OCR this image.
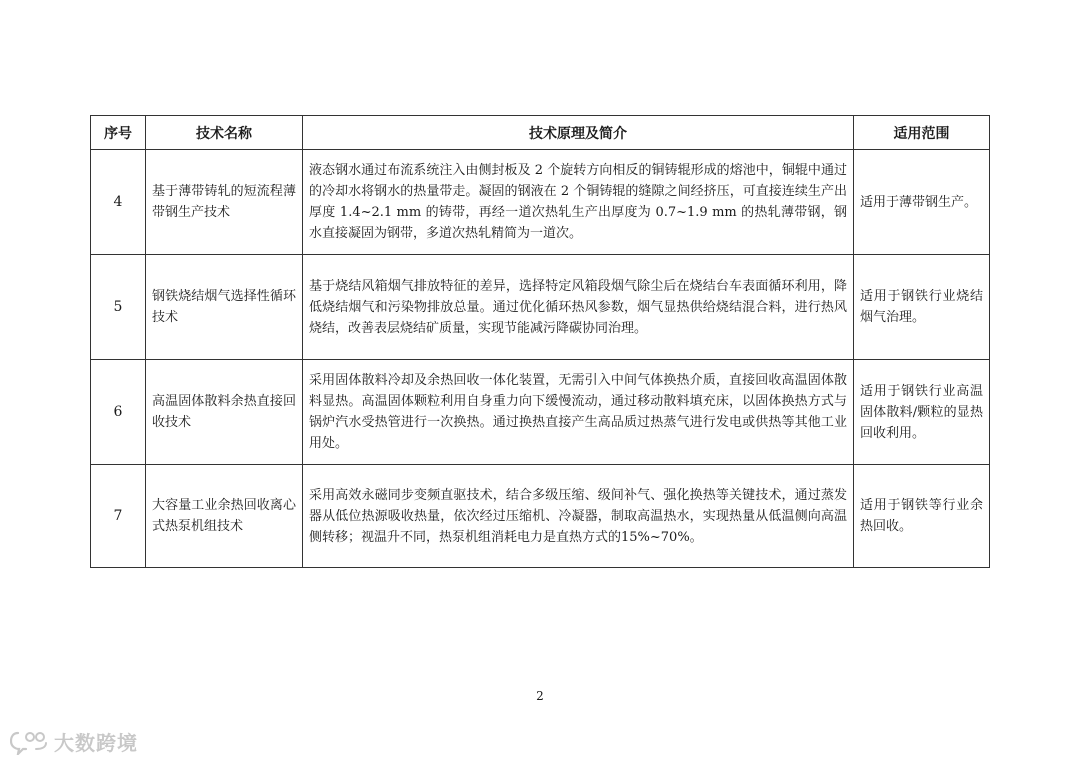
序号	技术名称	技术原理及简介	适用范围
4	基于薄带铸轧的短流程薄带钢生产技术	液态钢水通过布流系统注入由侧封板及 2 个旋转方向相反的铜铸辊形成的熔池中，铜辊中通过的冷却水将钢水的热量带走。凝固的钢液在 2 个铜铸辊的缝隙之间经挤压，可直接连续生产出厚度 1.4~2.1 mm 的铸带，再经一道次热轧生产出厚度为 0.7~1.9 mm 的热轧薄带钢，钢水直接凝固为钢带，多道次热轧精简为一道次。	适用于薄带钢生产。
5	钢铁烧结烟气选择性循环技术	基于烧结风箱烟气排放特征的差异，选择特定风箱段烟气除尘后在烧结台车表面循环利用，降低烧结烟气和污染物排放总量。通过优化循环热风参数，烟气显热供给烧结混合料，进行热风烧结，改善表层烧结矿质量，实现节能减污降碳协同治理。	适用于钢铁行业烧结烟气治理。
6	高温固体散料余热直接回收技术	采用固体散料冷却及余热回收一体化装置，无需引入中间气体换热介质，直接回收高温固体散料显热。高温固体颗粒利用自身重力向下缓慢流动，通过移动散料填充床，以固体换热方式与锅炉汽水受热管进行一次换热。通过换热直接产生高品质过热蒸气进行发电或供热等其他工业用处。	适用于钢铁行业高温固体散料/颗粒的显热回收利用。
7	大容量工业余热回收离心式热泵机组技术	采用高效永磁同步变频直驱技术，结合多级压缩、级间补气、强化换热等关键技术，通过蒸发器从低位热源吸收热量，依次经过压缩机、冷凝器，制取高温热水，实现热量从低温侧向高温侧转移；视温升不同，热泵机组消耗电力是直热方式的15%~70%。	适用于钢铁等行业余热回收。
2
大数跨境
